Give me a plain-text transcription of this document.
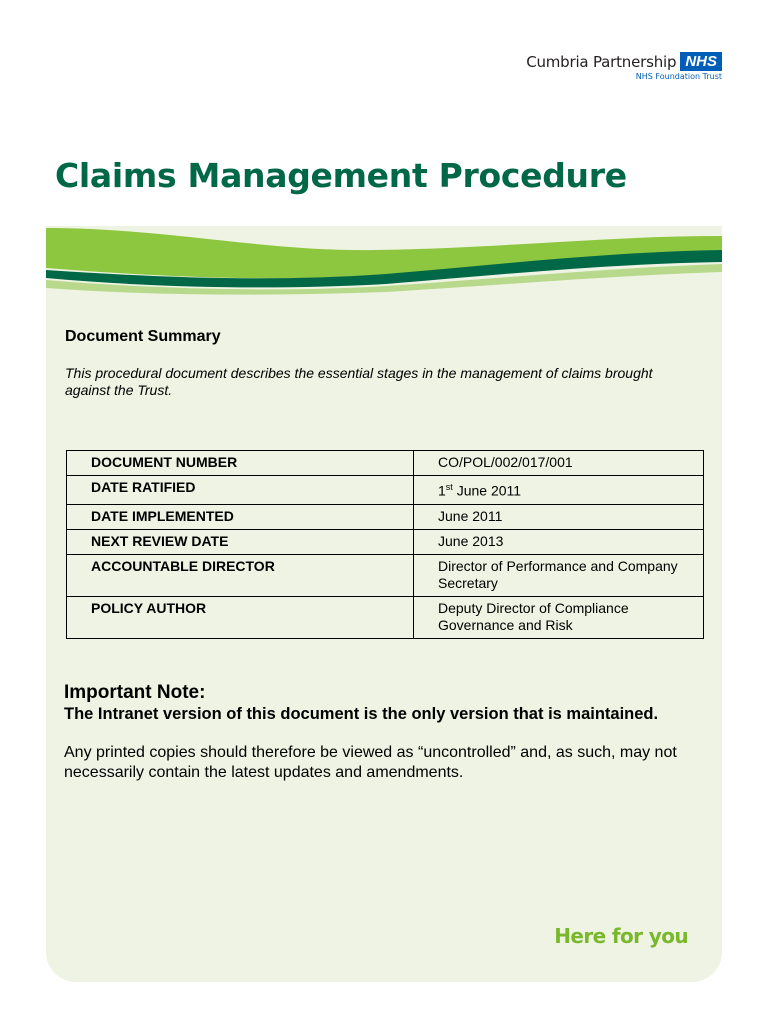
Cumbria Partnership NHS
NHS Foundation Trust
Claims Management Procedure
Document Summary

This procedural document describes the essential stages in the management of claims brought against the Trust.

DOCUMENT NUMBER	CO/POL/002/017/001
DATE RATIFIED	1st June 2011
DATE IMPLEMENTED	June 2011
NEXT REVIEW DATE	June 2013
ACCOUNTABLE DIRECTOR	Director of Performance and Company Secretary
POLICY AUTHOR	Deputy Director of Compliance Governance and Risk
Important Note:

The Intranet version of this document is the only version that is maintained.

Any printed copies should therefore be viewed as “uncontrolled” and, as such, may not necessarily contain the latest updates and amendments.

Here for you
